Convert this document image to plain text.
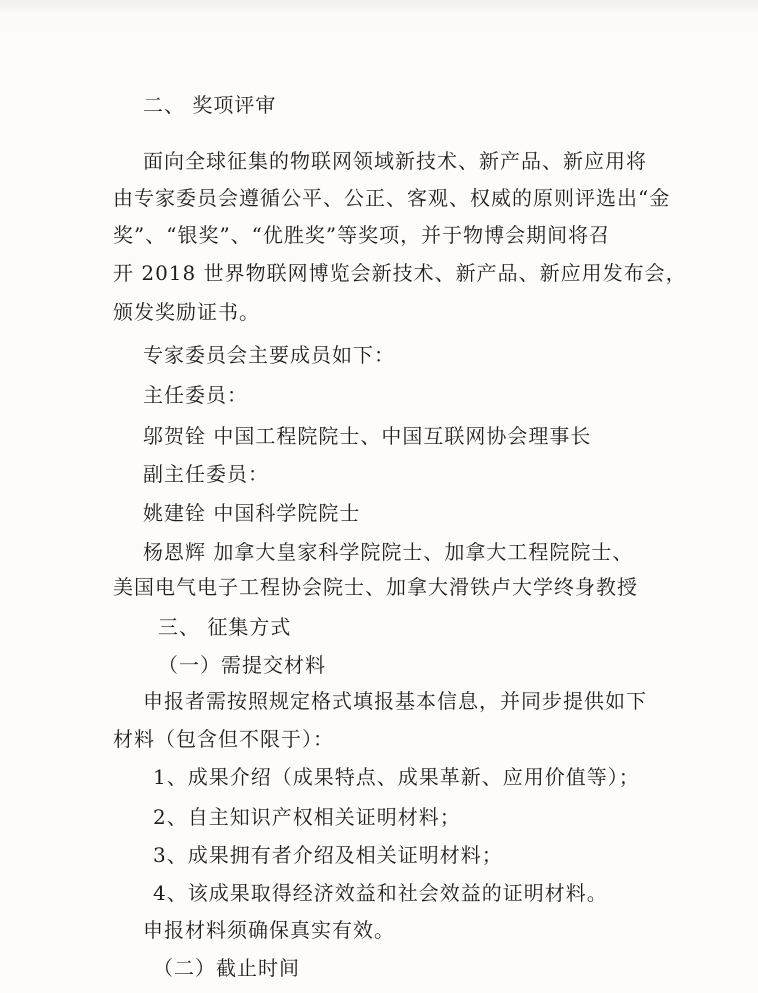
二、 奖项评审
面向全球征集的物联网领域新技术、新产品、新应用将
由专家委员会遵循公平、公正、客观、权威的原则评选出“金
奖”、“银奖”、“优胜奖”等奖项，并于物博会期间将召
开 2018 世界物联网博览会新技术、新产品、新应用发布会，
颁发奖励证书。
专家委员会主要成员如下：
主任委员：
邬贺铨 中国工程院院士、中国互联网协会理事长
副主任委员：
姚建铨 中国科学院院士
杨恩辉 加拿大皇家科学院院士、加拿大工程院院士、
美国电气电子工程协会院士、加拿大滑铁卢大学终身教授
三、 征集方式
（一）需提交材料
申报者需按照规定格式填报基本信息，并同步提供如下
材料（包含但不限于）：
1、成果介绍（成果特点、成果革新、应用价值等）；
2、自主知识产权相关证明材料；
3、成果拥有者介绍及相关证明材料；
4、该成果取得经济效益和社会效益的证明材料。
申报材料须确保真实有效。
（二）截止时间
